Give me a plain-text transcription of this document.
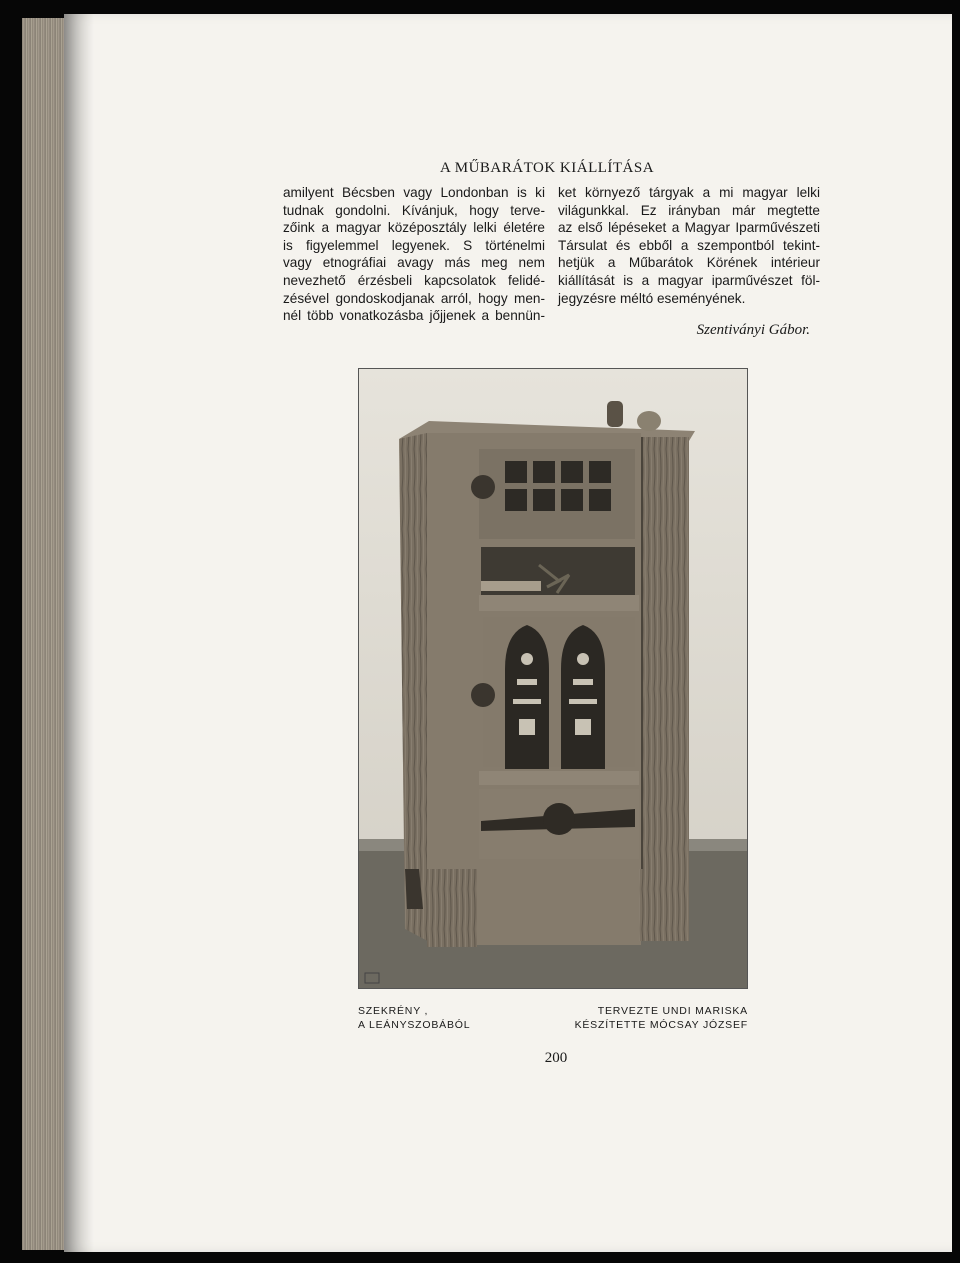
A MŰBARÁTOK KIÁLLÍTÁSA
amilyent Bécsben vagy Londonban is ki
tudnak gondolni. Kívánjuk, hogy terve-
zőink a magyar középosztály lelki életére
is figyelemmel legyenek. S történelmi
vagy etnográfiai avagy más meg nem
nevezhető érzésbeli kapcsolatok felidé-
zésével gondoskodjanak arról, hogy men-
nél több vonatkozásba jőjjenek a bennün-
ket környező tárgyak a mi magyar lelki
világunkkal. Ez irányban már megtette
az első lépéseket a Magyar Iparművészeti
Társulat és ebből a szempontból tekint-
hetjük a Műbarátok Körének intérieur
kiállítását is a magyar iparművészet föl-
jegyzésre méltó eseményének.
Szentiványi Gábor.
SZEKRÉNY ,
A LEÁNYSZOBÁBÓL
TERVEZTE UNDI MARISKA
KÉSZÍTETTE MÓCSAY JÓZSEF
200
